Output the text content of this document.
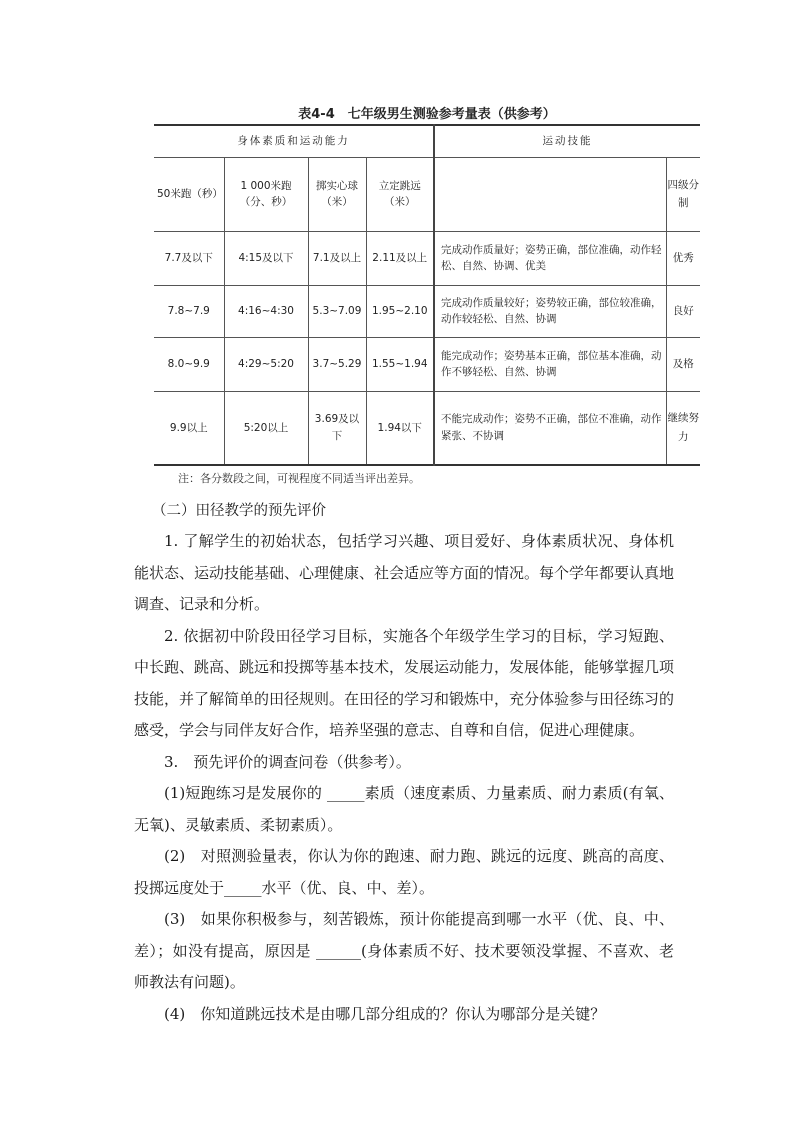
表4-4　七年级男生测验参考量表（供参考）
身体素质和运动能力				运动技能	
50米跑（秒）	1 000米跑（分、秒）	掷实心球（米）	立定跳远（米）		四级分制
7.7及以下	4:15及以下	7.1及以上	2.11及以上	完成动作质量好；姿势正确，部位准确，动作轻松、自然、协调、优美	优秀
7.8~7.9	4:16~4:30	5.3~7.09	1.95~2.10	完成动作质量较好；姿势较正确，部位较准确，动作较轻松、自然、协调	良好
8.0~9.9	4:29~5:20	3.7~5.29	1.55~1.94	能完成动作；姿势基本正确，部位基本准确，动作不够轻松、自然、协调	及格
9.9以上	5:20以上	3.69及以下	1.94以下	不能完成动作；姿势不正确，部位不准确，动作紧张、不协调	继续努力
注：各分数段之间，可视程度不同适当评出差异。

（二）田径教学的预先评价

1. 了解学生的初始状态，包括学习兴趣、项目爱好、身体素质状况、身体机能状态、运动技能基础、心理健康、社会适应等方面的情况。每个学年都要认真地调查、记录和分析。

2. 依据初中阶段田径学习目标，实施各个年级学生学习的目标，学习短跑、中长跑、跳高、跳远和投掷等基本技术，发展运动能力，发展体能，能够掌握几项技能，并了解简单的田径规则。在田径的学习和锻炼中，充分体验参与田径练习的感受，学会与同伴友好合作，培养坚强的意志、自尊和自信，促进心理健康。

3.　预先评价的调查问卷（供参考）。

(1)短跑练习是发展你的 _____素质（速度素质、力量素质、耐力素质(有氧、无氧)、灵敏素质、柔韧素质）。

(2)　对照测验量表，你认为你的跑速、耐力跑、跳远的远度、跳高的高度、投掷远度处于_____水平（优、良、中、差）。

(3)　如果你积极参与，刻苦锻炼，预计你能提高到哪一水平（优、良、中、差）；如没有提高，原因是 ______(身体素质不好、技术要领没掌握、不喜欢、老师教法有问题)。

(4)　你知道跳远技术是由哪几部分组成的？你认为哪部分是关键？
